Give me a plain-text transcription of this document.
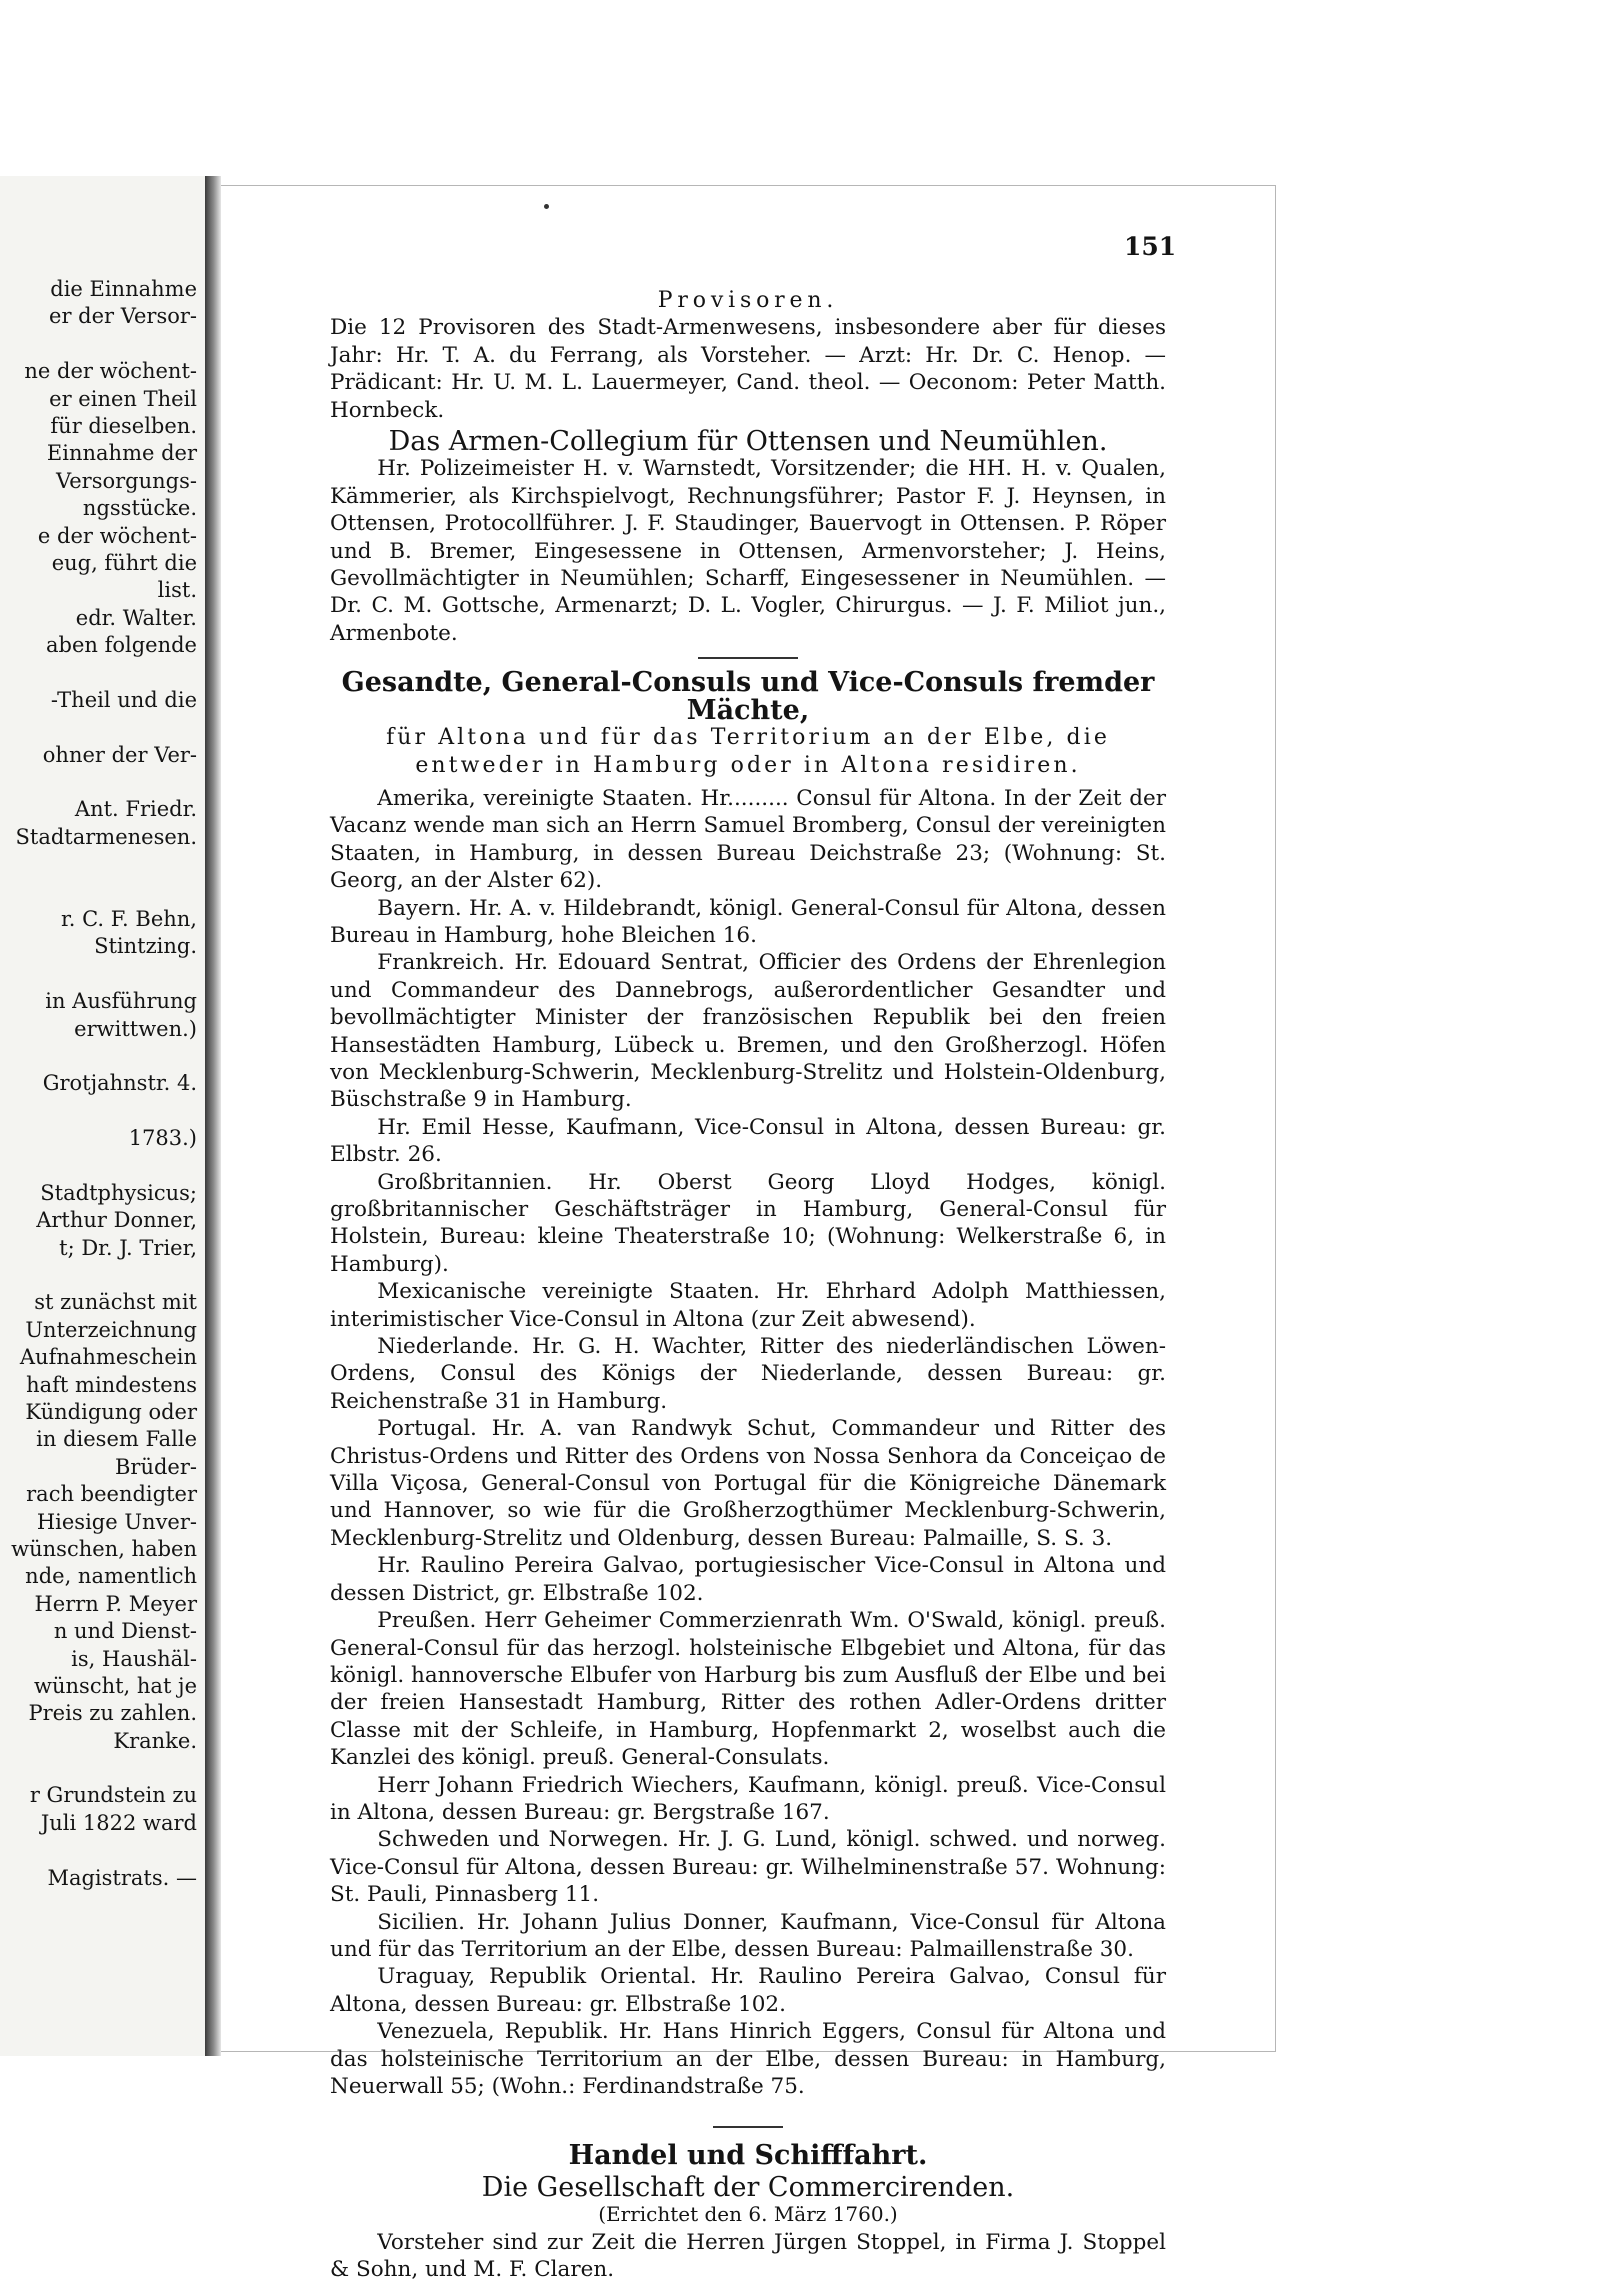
die Einnahme
er der Versor-
ne der wöchent-
er einen Theil
für dieselben.
Einnahme der
Versorgungs-
ngsstücke.
e der wöchent-
eug, führt die
list.
edr. Walter.
aben folgende
-Theil und die
ohner der Ver-
Ant. Friedr.
Stadtarmenesen.
r. C. F. Behn,
Stintzing.
in Ausführung
erwittwen.)
Grotjahnstr. 4.
1783.)
Stadtphysicus;
Arthur Donner,
t; Dr. J. Trier,
st zunächst mit
Unterzeichnung
Aufnahmeschein
haft mindestens
Kündigung oder
in diesem Falle
Brüder-
rach beendigter
Hiesige Unver-
wünschen, haben
nde, namentlich
Herrn P. Meyer
n und Dienst-
is, Haushäl-
wünscht, hat je
Preis zu zahlen.
Kranke.
r Grundstein zu
Juli 1822 ward
Magistrats. —
151

Provisoren.

Die 12 Provisoren des Stadt-Armenwesens, insbesondere aber für dieses Jahr: Hr. T. A. du Ferrang, als Vorsteher. — Arzt: Hr. Dr. C. Henop. — Prädicant: Hr. U. M. L. Lauermeyer, Cand. theol. — Oeconom: Peter Matth. Hornbeck.

Das Armen-Collegium für Ottensen und Neumühlen.

Hr. Polizeimeister H. v. Warnstedt, Vorsitzender; die HH. H. v. Qualen, Kämmerier, als Kirchspielvogt, Rechnungsführer; Pastor F. J. Heynsen, in Ottensen, Protocollführer. J. F. Staudinger, Bauervogt in Ottensen. P. Röper und B. Bremer, Eingesessene in Ottensen, Armenvorsteher; J. Heins, Gevollmächtigter in Neumühlen; Scharff, Eingesessener in Neumühlen. — Dr. C. M. Gottsche, Armenarzt; D. L. Vogler, Chirurgus. — J. F. Miliot jun., Armenbote.

Gesandte, General-Consuls und Vice-Consuls fremder Mächte,

für Altona und für das Territorium an der Elbe, die entweder in Hamburg oder in Altona residiren.

Amerika, vereinigte Staaten. Hr......... Consul für Altona. In der Zeit der Vacanz wende man sich an Herrn Samuel Bromberg, Consul der vereinigten Staaten, in Hamburg, in dessen Bureau Deichstraße 23; (Wohnung: St. Georg, an der Alster 62).

Bayern. Hr. A. v. Hildebrandt, königl. General-Consul für Altona, dessen Bureau in Hamburg, hohe Bleichen 16.

Frankreich. Hr. Edouard Sentrat, Officier des Ordens der Ehrenlegion und Commandeur des Dannebrogs, außerordentlicher Gesandter und bevollmächtigter Minister der französischen Republik bei den freien Hansestädten Hamburg, Lübeck u. Bremen, und den Großherzogl. Höfen von Mecklenburg-Schwerin, Mecklenburg-Strelitz und Holstein-Oldenburg, Büschstraße 9 in Hamburg.

Hr. Emil Hesse, Kaufmann, Vice-Consul in Altona, dessen Bureau: gr. Elbstr. 26.

Großbritannien. Hr. Oberst Georg Lloyd Hodges, königl. großbritannischer Geschäftsträger in Hamburg, General-Consul für Holstein, Bureau: kleine Theaterstraße 10; (Wohnung: Welkerstraße 6, in Hamburg).

Mexicanische vereinigte Staaten. Hr. Ehrhard Adolph Matthiessen, interimistischer Vice-Consul in Altona (zur Zeit abwesend).

Niederlande. Hr. G. H. Wachter, Ritter des niederländischen Löwen-Ordens, Consul des Königs der Niederlande, dessen Bureau: gr. Reichenstraße 31 in Hamburg.

Portugal. Hr. A. van Randwyk Schut, Commandeur und Ritter des Christus-Ordens und Ritter des Ordens von Nossa Senhora da Conceiçao de Villa Viçosa, General-Consul von Portugal für die Königreiche Dänemark und Hannover, so wie für die Großherzogthümer Mecklenburg-Schwerin, Mecklenburg-Strelitz und Oldenburg, dessen Bureau: Palmaille, S. S. 3.

Hr. Raulino Pereira Galvao, portugiesischer Vice-Consul in Altona und dessen District, gr. Elbstraße 102.

Preußen. Herr Geheimer Commerzienrath Wm. O'Swald, königl. preuß. General-Consul für das herzogl. holsteinische Elbgebiet und Altona, für das königl. hannoversche Elbufer von Harburg bis zum Ausfluß der Elbe und bei der freien Hansestadt Hamburg, Ritter des rothen Adler-Ordens dritter Classe mit der Schleife, in Hamburg, Hopfenmarkt 2, woselbst auch die Kanzlei des königl. preuß. General-Consulats.

Herr Johann Friedrich Wiechers, Kaufmann, königl. preuß. Vice-Consul in Altona, dessen Bureau: gr. Bergstraße 167.

Schweden und Norwegen. Hr. J. G. Lund, königl. schwed. und norweg. Vice-Consul für Altona, dessen Bureau: gr. Wilhelminenstraße 57. Wohnung: St. Pauli, Pinnasberg 11.

Sicilien. Hr. Johann Julius Donner, Kaufmann, Vice-Consul für Altona und für das Territorium an der Elbe, dessen Bureau: Palmaillenstraße 30.

Uraguay, Republik Oriental. Hr. Raulino Pereira Galvao, Consul für Altona, dessen Bureau: gr. Elbstraße 102.

Venezuela, Republik. Hr. Hans Hinrich Eggers, Consul für Altona und das holsteinische Territorium an der Elbe, dessen Bureau: in Hamburg, Neuerwall 55; (Wohn.: Ferdinandstraße 75.

Handel und Schifffahrt.

Die Gesellschaft der Commercirenden.

(Errichtet den 6. März 1760.)

Vorsteher sind zur Zeit die Herren Jürgen Stoppel, in Firma J. Stoppel & Sohn, und M. F. Claren.
